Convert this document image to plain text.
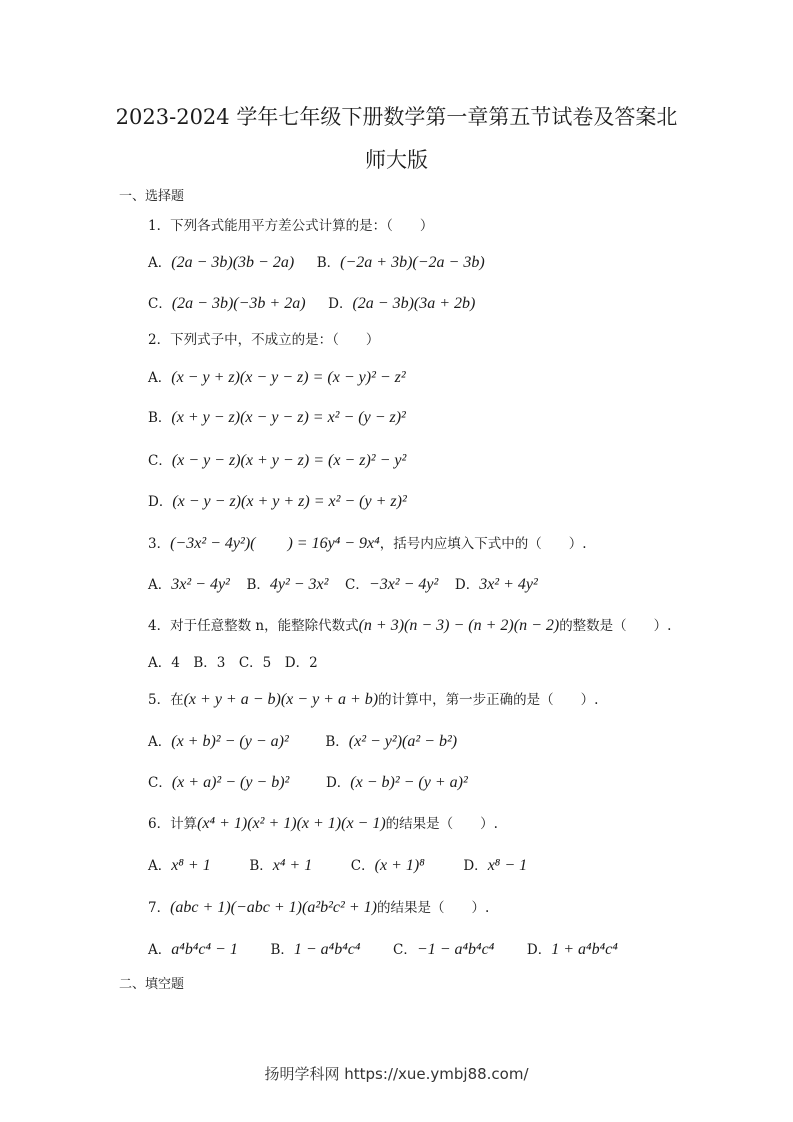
2023-2024 学年七年级下册数学第一章第五节试卷及答案北
师大版
一、选择题
1．下列各式能用平方差公式计算的是：（　　）
A．(2a − 3b)(3b − 2a) B．(−2a + 3b)(−2a − 3b)
C．(2a − 3b)(−3b + 2a) D．(2a − 3b)(3a + 2b)
2．下列式子中，不成立的是：（　　）
A．(x − y + z)(x − y − z) = (x − y)² − z²
B．(x + y − z)(x − y − z) = x² − (y − z)²
C．(x − y − z)(x + y − z) = (x − z)² − y²
D．(x − y − z)(x + y + z) = x² − (y + z)²
3．(−3x² − 4y²)(　　) = 16y⁴ − 9x⁴，括号内应填入下式中的（　　）.
A．3x² − 4y² B．4y² − 3x² C．−3x² − 4y² D．3x² + 4y²
4．对于任意整数 n，能整除代数式(n + 3)(n − 3) − (n + 2)(n − 2)的整数是（　　）.
A．4　B．3　C．5　D．2
5．在(x + y + a − b)(x − y + a + b)的计算中，第一步正确的是（　　）.
A．(x + b)² − (y − a)²	B．(x² − y²)(a² − b²)
C．(x + a)² − (y − b)²	D．(x − b)² − (y + a)²
6．计算(x⁴ + 1)(x² + 1)(x + 1)(x − 1)的结果是（　　）.
A．x⁸ + 1	B．x⁴ + 1	C．(x + 1)⁸	D．x⁸ − 1
7．(abc + 1)(−abc + 1)(a²b²c² + 1)的结果是（　　）.
A．a⁴b⁴c⁴ − 1 B．1 − a⁴b⁴c⁴ C．−1 − a⁴b⁴c⁴ D．1 + a⁴b⁴c⁴
二、填空题
扬明学科网 https://xue.ymbj88.com/
